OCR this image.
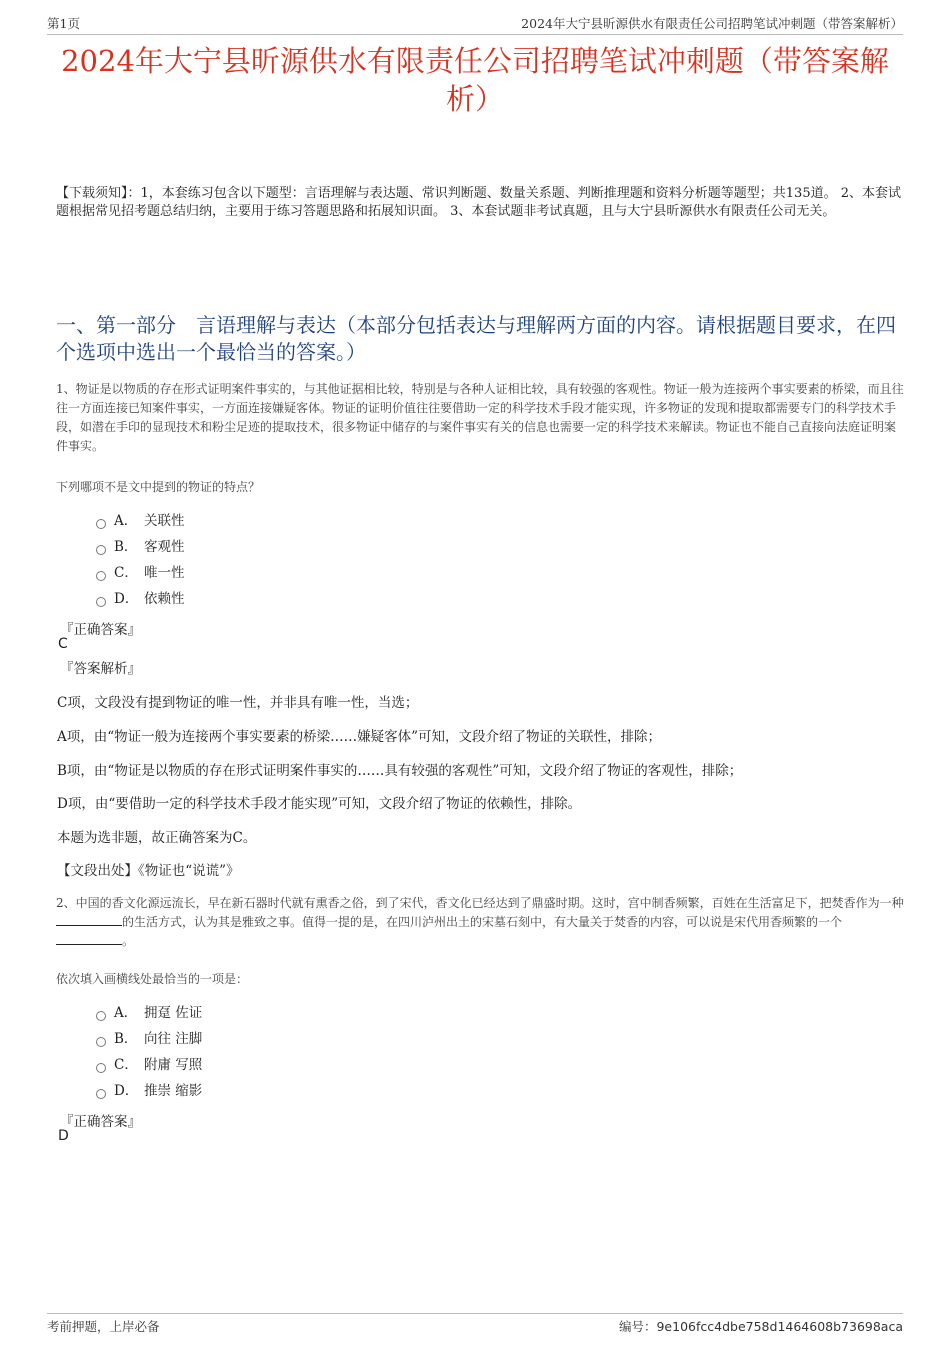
第1页	2024年大宁县昕源供水有限责任公司招聘笔试冲刺题（带答案解析）
2024年大宁县昕源供水有限责任公司招聘笔试冲刺题（带答案解析）
【下载须知】：1，本套练习包含以下题型：言语理解与表达题、常识判断题、数量关系题、判断推理题和资料分析题等题型；共135道。 2、本套试题根据常见招考题总结归纳，主要用于练习答题思路和拓展知识面。 3、本套试题非考试真题，且与大宁县昕源供水有限责任公司无关。
一、第一部分　言语理解与表达（本部分包括表达与理解两方面的内容。请根据题目要求，在四个选项中选出一个最恰当的答案。）
1、物证是以物质的存在形式证明案件事实的，与其他证据相比较，特别是与各种人证相比较，具有较强的客观性。物证一般为连接两个事实要素的桥梁，而且往往一方面连接已知案件事实，一方面连接嫌疑客体。物证的证明价值往往要借助一定的科学技术手段才能实现，许多物证的发现和提取都需要专门的科学技术手段，如潜在手印的显现技术和粉尘足迹的提取技术，很多物证中储存的与案件事实有关的信息也需要一定的科学技术来解读。物证也不能自己直接向法庭证明案件事实。
下列哪项不是文中提到的物证的特点？
A． 关联性
B． 客观性
C． 唯一性
D． 依赖性
『正确答案』
C
『答案解析』
C项，文段没有提到物证的唯一性，并非具有唯一性，当选；
A项，由“物证一般为连接两个事实要素的桥梁……嫌疑客体”可知，文段介绍了物证的关联性，排除；
B项，由“物证是以物质的存在形式证明案件事实的……具有较强的客观性”可知，文段介绍了物证的客观性，排除；
D项，由“要借助一定的科学技术手段才能实现”可知，文段介绍了物证的依赖性，排除。
本题为选非题，故正确答案为C。
【文段出处】《物证也“说谎”》
2、中国的香文化源远流长，早在新石器时代就有熏香之俗，到了宋代，香文化已经达到了鼎盛时期。这时，宫中制香频繁，百姓在生活富足下，把焚香作为一种的生活方式，认为其是雅致之事。值得一提的是，在四川泸州出土的宋墓石刻中，有大量关于焚香的内容，可以说是宋代用香频繁的一个。
依次填入画横线处最恰当的一项是：
A． 拥趸 佐证
B． 向往 注脚
C． 附庸 写照
D． 推崇 缩影
『正确答案』
D
考前押题，上岸必备	编号：9e106fcc4dbe758d1464608b73698aca
